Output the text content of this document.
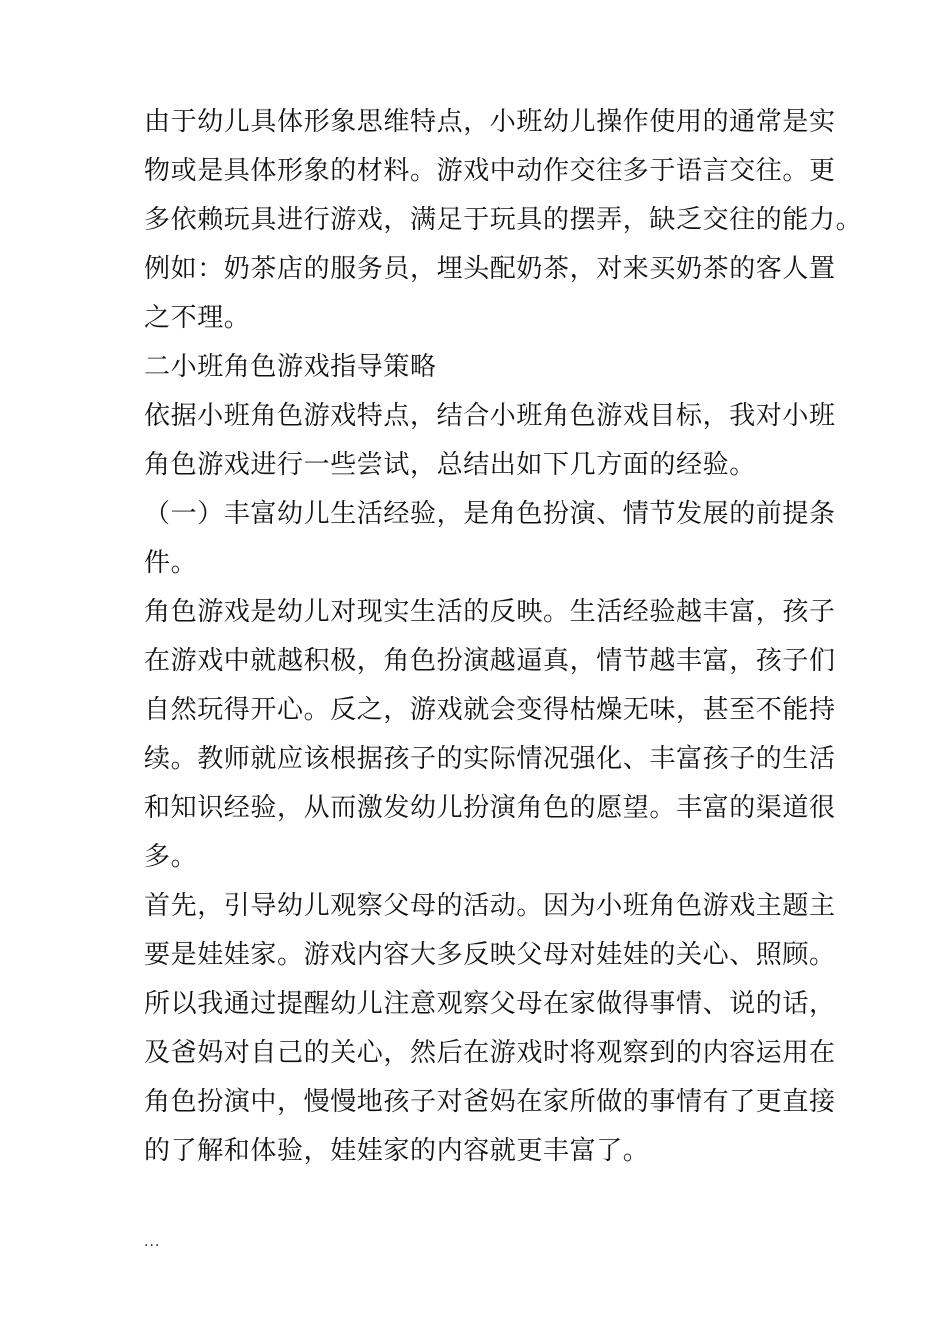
由于幼儿具体形象思维特点，小班幼儿操作使用的通常是实
物或是具体形象的材料。游戏中动作交往多于语言交往。更
多依赖玩具进行游戏，满足于玩具的摆弄，缺乏交往的能力。
例如：奶茶店的服务员，埋头配奶茶，对来买奶茶的客人置
之不理。
二小班角色游戏指导策略
依据小班角色游戏特点，结合小班角色游戏目标，我对小班
角色游戏进行一些尝试，总结出如下几方面的经验。
（一）丰富幼儿生活经验，是角色扮演、情节发展的前提条
件。
角色游戏是幼儿对现实生活的反映。生活经验越丰富，孩子
在游戏中就越积极，角色扮演越逼真，情节越丰富，孩子们
自然玩得开心。反之，游戏就会变得枯燥无味，甚至不能持
续。教师就应该根据孩子的实际情况强化、丰富孩子的生活
和知识经验，从而激发幼儿扮演角色的愿望。丰富的渠道很
多。
首先，引导幼儿观察父母的活动。因为小班角色游戏主题主
要是娃娃家。游戏内容大多反映父母对娃娃的关心、照顾。
所以我通过提醒幼儿注意观察父母在家做得事情、说的话，
及爸妈对自己的关心，然后在游戏时将观察到的内容运用在
角色扮演中，慢慢地孩子对爸妈在家所做的事情有了更直接
的了解和体验，娃娃家的内容就更丰富了。
...
